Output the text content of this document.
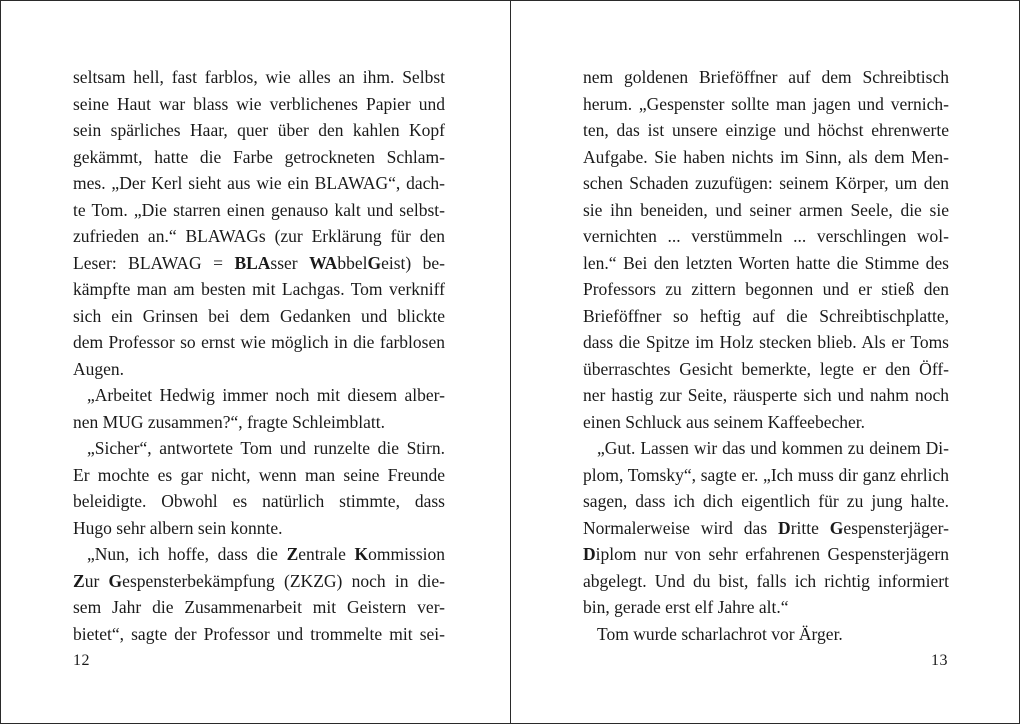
seltsam hell, fast farblos, wie alles an ihm. Selbst
seine Haut war blass wie verblichenes Papier und
sein spärliches Haar, quer über den kahlen Kopf
gekämmt, hatte die Farbe getrockneten Schlam-
mes. „Der Kerl sieht aus wie ein BLAWAG“, dach-
te Tom. „Die starren einen genauso kalt und selbst-
zufrieden an.“ BLAWAGs (zur Erklärung für den
Leser: BLAWAG = BLAsser WAbbelGeist) be-
kämpfte man am besten mit Lachgas. Tom verkniff
sich ein Grinsen bei dem Gedanken und blickte
dem Professor so ernst wie möglich in die farblosen
Augen.
„Arbeitet Hedwig immer noch mit diesem alber-
nen MUG zusammen?“, fragte Schleimblatt.
„Sicher“, antwortete Tom und runzelte die Stirn.
Er mochte es gar nicht, wenn man seine Freunde
beleidigte. Obwohl es natürlich stimmte, dass
Hugo sehr albern sein konnte.
„Nun, ich hoffe, dass die Zentrale Kommission
Zur Gespensterbekämpfung (ZKZG) noch in die-
sem Jahr die Zusammenarbeit mit Geistern ver-
bietet“, sagte der Professor und trommelte mit sei-
nem goldenen Brieföffner auf dem Schreibtisch
herum. „Gespenster sollte man jagen und vernich-
ten, das ist unsere einzige und höchst ehrenwerte
Aufgabe. Sie haben nichts im Sinn, als dem Men-
schen Schaden zuzufügen: seinem Körper, um den
sie ihn beneiden, und seiner armen Seele, die sie
vernichten ... verstümmeln ... verschlingen wol-
len.“ Bei den letzten Worten hatte die Stimme des
Professors zu zittern begonnen und er stieß den
Brieföffner so heftig auf die Schreibtischplatte,
dass die Spitze im Holz stecken blieb. Als er Toms
überraschtes Gesicht bemerkte, legte er den Öff-
ner hastig zur Seite, räusperte sich und nahm noch
einen Schluck aus seinem Kaffeebecher.
„Gut. Lassen wir das und kommen zu deinem Di-
plom, Tomsky“, sagte er. „Ich muss dir ganz ehrlich
sagen, dass ich dich eigentlich für zu jung halte.
Normalerweise wird das Dritte Gespensterjäger-
Diplom nur von sehr erfahrenen Gespensterjägern
abgelegt. Und du bist, falls ich richtig informiert
bin, gerade erst elf Jahre alt.“
Tom wurde scharlachrot vor Ärger.
12	13
